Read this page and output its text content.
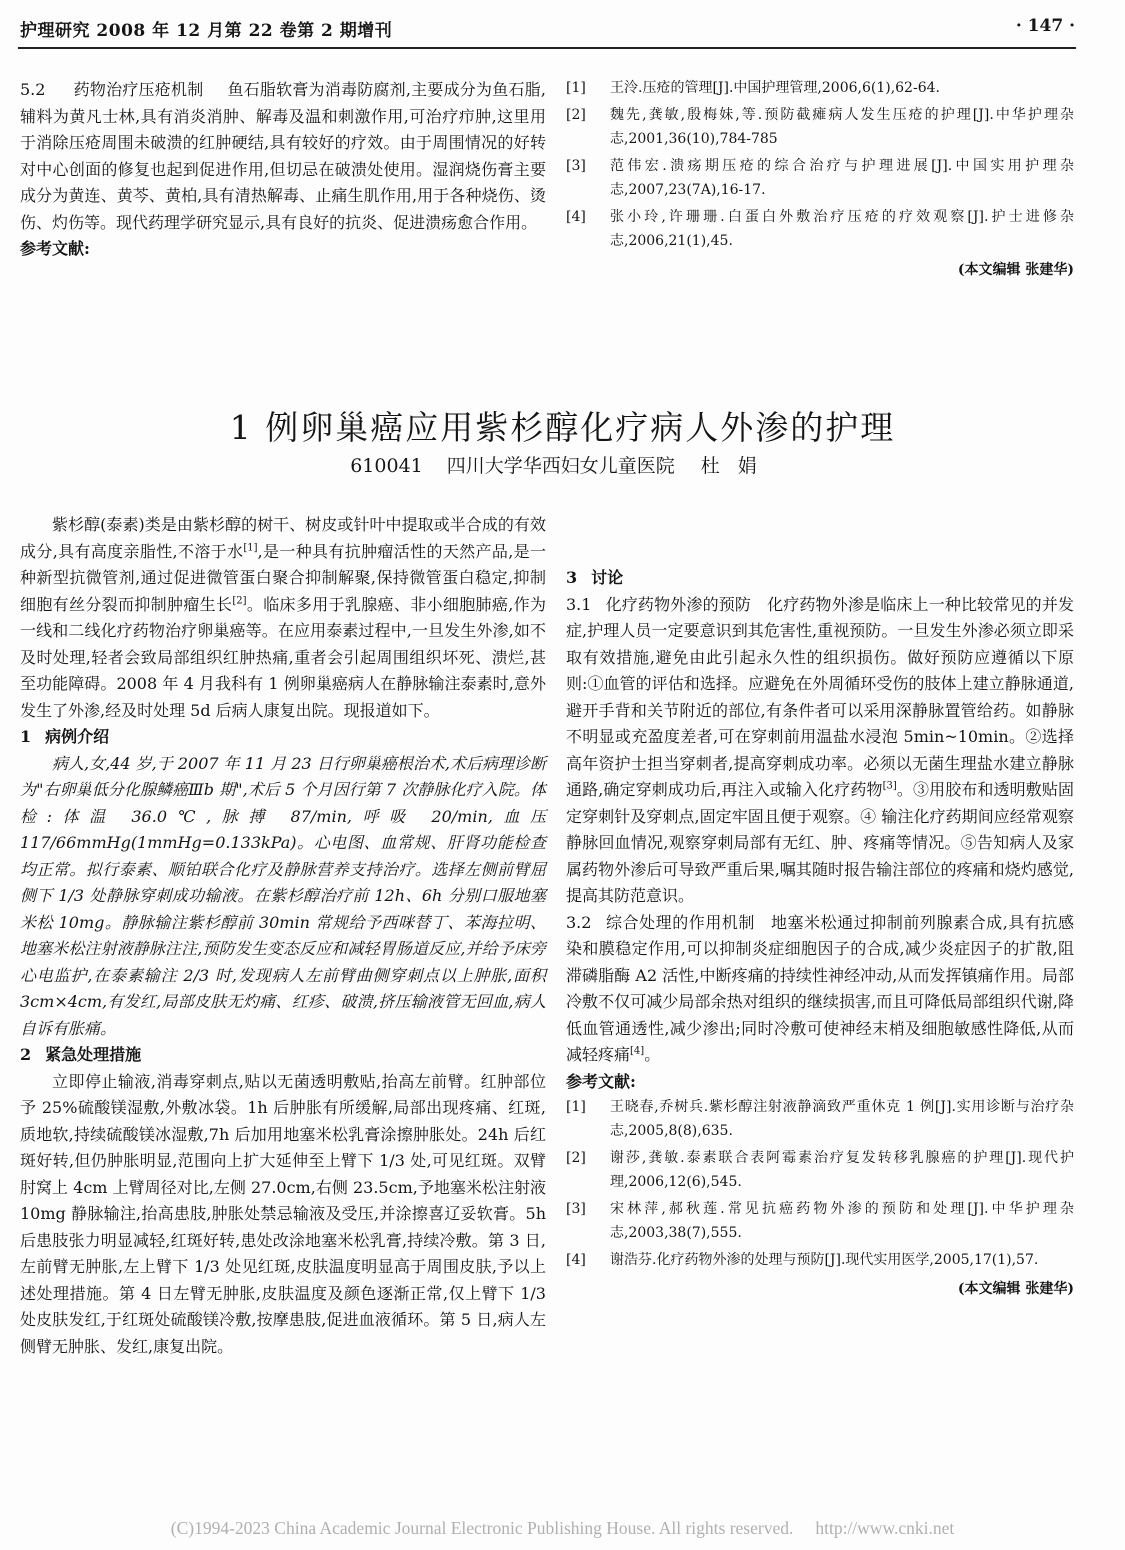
护理研究 2008 年 12 月第 22 卷第 2 期增刊	· 147 ·

5.2 药物治疗压疮机制 鱼石脂软膏为消毒防腐剂,主要成分为鱼石脂,辅料为黄凡士林,具有消炎消肿、解毒及温和刺激作用,可治疗疖肿,这里用于消除压疮周围未破溃的红肿硬结,具有较好的疗效。由于周围情况的好转对中心创面的修复也起到促进作用,但切忌在破溃处使用。湿润烧伤膏主要成分为黄连、黄芩、黄柏,具有清热解毒、止痛生肌作用,用于各种烧伤、烫伤、灼伤等。现代药理学研究显示,具有良好的抗炎、促进溃疡愈合作用。

参考文献:

[1]	王泠.压疮的管理[J].中国护理管理,2006,6(1),62-64.
[2]	魏先,龚敏,殷梅妹,等.预防截瘫病人发生压疮的护理[J].中华护理杂志,2001,36(10),784-785
[3]	范伟宏.溃疡期压疮的综合治疗与护理进展[J].中国实用护理杂志,2007,23(7A),16-17.
[4]	张小玲,许珊珊.白蛋白外敷治疗压疮的疗效观察[J].护士进修杂志,2006,21(1),45.
(本文编辑 张建华)
1 例卵巢癌应用紫杉醇化疗病人外渗的护理
610041 四川大学华西妇女儿童医院 杜娟

紫杉醇(泰素)类是由紫杉醇的树干、树皮或针叶中提取或半合成的有效成分,具有高度亲脂性,不溶于水[1],是一种具有抗肿瘤活性的天然产品,是一种新型抗微管剂,通过促进微管蛋白聚合抑制解聚,保持微管蛋白稳定,抑制细胞有丝分裂而抑制肿瘤生长[2]。临床多用于乳腺癌、非小细胞肺癌,作为一线和二线化疗药物治疗卵巢癌等。在应用泰素过程中,一旦发生外渗,如不及时处理,轻者会致局部组织红肿热痛,重者会引起周围组织坏死、溃烂,甚至功能障碍。2008 年 4 月我科有 1 例卵巢癌病人在静脉输注泰素时,意外发生了外渗,经及时处理 5d 后病人康复出院。现报道如下。

1 病例介绍

病人,女,44 岁,于 2007 年 11 月 23 日行卵巢癌根治术,术后病理诊断为"右卵巢低分化腺鳞癌Ⅲb 期",术后 5 个月因行第 7 次静脉化疗入院。体检:体温 36.0℃,脉搏 87/min,呼吸 20/min,血压 117/66mmHg(1mmHg=0.133kPa)。心电图、血常规、肝肾功能检查均正常。拟行泰素、顺铂联合化疗及静脉营养支持治疗。选择左侧前臂屈侧下 1/3 处静脉穿刺成功输液。在紫杉醇治疗前 12h、6h 分别口服地塞米松 10mg。静脉输注紫杉醇前 30min 常规给予西咪替丁、苯海拉明、地塞米松注射液静脉注注,预防发生变态反应和减轻胃肠道反应,并给予床旁心电监护,在泰素输注 2/3 时,发现病人左前臂曲侧穿刺点以上肿胀,面积 3cm×4cm,有发红,局部皮肤无灼痛、红疹、破溃,挤压输液管无回血,病人自诉有胀痛。

2 紧急处理措施

立即停止输液,消毒穿刺点,贴以无菌透明敷贴,抬高左前臂。红肿部位予 25%硫酸镁湿敷,外敷冰袋。1h 后肿胀有所缓解,局部出现疼痛、红斑,质地软,持续硫酸镁冰湿敷,7h 后加用地塞米松乳膏涂擦肿胀处。24h 后红斑好转,但仍肿胀明显,范围向上扩大延伸至上臂下 1/3 处,可见红斑。双臂肘窝上 4cm 上臂周径对比,左侧 27.0cm,右侧 23.5cm,予地塞米松注射液 10mg 静脉输注,抬高患肢,肿胀处禁忌输液及受压,并涂擦喜辽妥软膏。5h 后患肢张力明显减轻,红斑好转,患处改涂地塞米松乳膏,持续冷敷。第 3 日,左前臂无肿胀,左上臂下 1/3 处见红斑,皮肤温度明显高于周围皮肤,予以上述处理措施。第 4 日左臂无肿胀,皮肤温度及颜色逐渐正常,仅上臂下 1/3 处皮肤发红,于红斑处硫酸镁冷敷,按摩患肢,促进血液循环。第 5 日,病人左侧臂无肿胀、发红,康复出院。

3 讨论

3.1 化疗药物外渗的预防 化疗药物外渗是临床上一种比较常见的并发症,护理人员一定要意识到其危害性,重视预防。一旦发生外渗必须立即采取有效措施,避免由此引起永久性的组织损伤。做好预防应遵循以下原则:①血管的评估和选择。应避免在外周循环受伤的肢体上建立静脉通道,避开手背和关节附近的部位,有条件者可以采用深静脉置管给药。如静脉不明显或充盈度差者,可在穿刺前用温盐水浸泡 5min~10min。②选择高年资护士担当穿刺者,提高穿刺成功率。必须以无菌生理盐水建立静脉通路,确定穿刺成功后,再注入或输入化疗药物[3]。③用胶布和透明敷贴固定穿刺针及穿刺点,固定牢固且便于观察。④ 输注化疗药期间应经常观察静脉回血情况,观察穿刺局部有无红、肿、疼痛等情况。⑤告知病人及家属药物外渗后可导致严重后果,嘱其随时报告输注部位的疼痛和烧灼感觉,提高其防范意识。

3.2 综合处理的作用机制 地塞米松通过抑制前列腺素合成,具有抗感染和膜稳定作用,可以抑制炎症细胞因子的合成,减少炎症因子的扩散,阻滞磷脂酶 A2 活性,中断疼痛的持续性神经冲动,从而发挥镇痛作用。局部冷敷不仅可减少局部余热对组织的继续损害,而且可降低局部组织代谢,降低血管通透性,减少渗出;同时冷敷可使神经末梢及细胞敏感性降低,从而减轻疼痛[4]。

参考文献:

[1]	王晓春,乔树兵.紫杉醇注射液静滴致严重休克 1 例[J].实用诊断与治疗杂志,2005,8(8),635.
[2]	谢莎,龚敏.泰素联合表阿霉素治疗复发转移乳腺癌的护理[J].现代护理,2006,12(6),545.
[3]	宋林萍,郝秋莲.常见抗癌药物外渗的预防和处理[J].中华护理杂志,2003,38(7),555.
[4]	谢浩芬.化疗药物外渗的处理与预防[J].现代实用医学,2005,17(1),57.
(本文编辑 张建华)
(C)1994-2023 China Academic Journal Electronic Publishing House. All rights reserved. http://www.cnki.net
